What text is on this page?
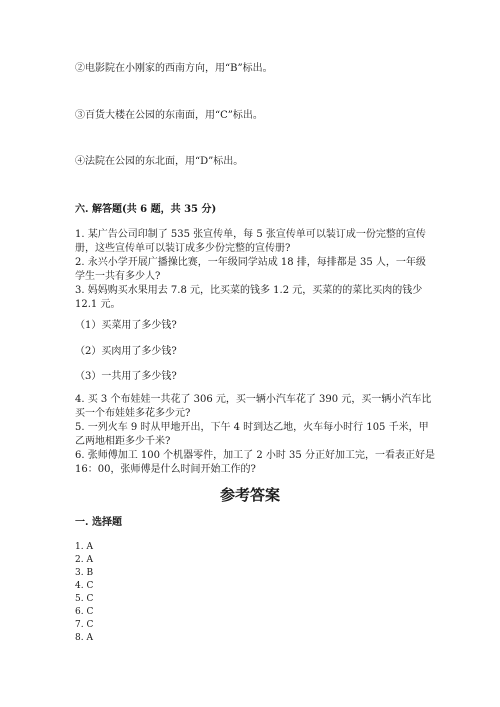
②电影院在小刚家的西南方向，用“B”标出。
③百货大楼在公园的东南面，用“C”标出。
④法院在公园的东北面，用“D”标出。
六. 解答题(共 6 题，共 35 分)
1. 某广告公司印制了 535 张宣传单，每 5 张宣传单可以装订成一份完整的宣传
册，这些宣传单可以装订成多少份完整的宣传册?
2. 永兴小学开展广播操比赛，一年级同学站成 18 排，每排都是 35 人，一年级
学生一共有多少人?
3. 妈妈购买水果用去 7.8 元，比买菜的钱多 1.2 元，买菜的的菜比买肉的钱少
12.1 元。
（1）买菜用了多少钱?
（2）买肉用了多少钱?
（3）一共用了多少钱?
4. 买 3 个布娃娃一共花了 306 元，买一辆小汽车花了 390 元，买一辆小汽车比
买一个布娃娃多花多少元?
5. 一列火车 9 时从甲地开出，下午 4 时到达乙地，火车每小时行 105 千米，甲
乙两地相距多少千米?
6. 张师傅加工 100 个机器零件，加工了 2 小时 35 分正好加工完，一看表正好是
16：00，张师傅是什么时间开始工作的?
参考答案
一. 选择题
1. A
2. A
3. B
4. C
5. C
6. C
7. C
8. A
